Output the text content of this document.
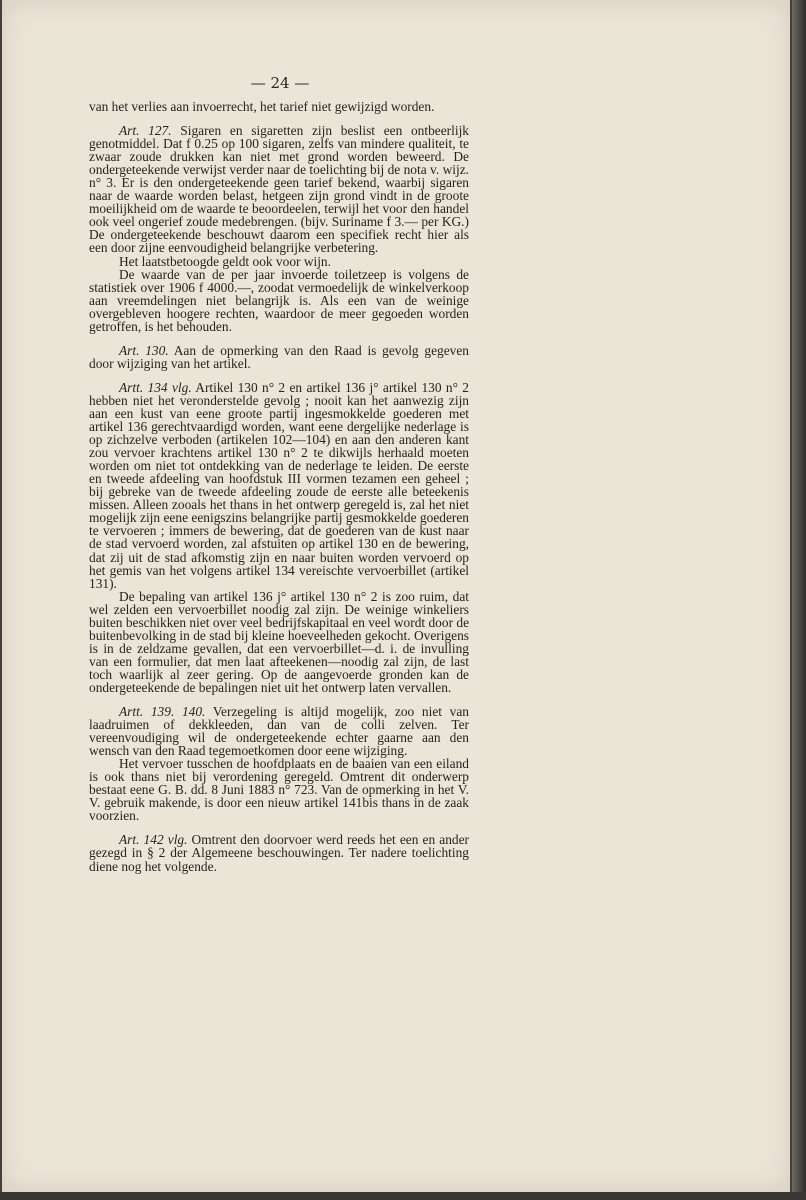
— 24 —

van het verlies aan invoerrecht, het tarief niet gewijzigd worden.

Art. 127. Sigaren en sigaretten zijn beslist een ontbeerlijk genotmiddel. Dat f 0.25 op 100 sigaren, zelfs van mindere qualiteit, te zwaar zoude drukken kan niet met grond worden beweerd. De ondergeteekende verwijst verder naar de toelichting bij de nota v. wijz. n° 3. Er is den ondergeteekende geen tarief bekend, waarbij sigaren naar de waarde worden belast, hetgeen zijn grond vindt in de groote moeilijkheid om de waarde te beoordeelen, terwijl het voor den handel ook veel ongerief zoude medebrengen. (bijv. Suriname f 3.— per KG.) De ondergeteekende beschouwt daarom een specifiek recht hier als een door zijne eenvoudigheid belangrijke verbetering.

Het laatstbetoogde geldt ook voor wijn.

De waarde van de per jaar invoerde toiletzeep is volgens de statistiek over 1906 f 4000.—, zoodat vermoedelijk de winkelverkoop aan vreemdelingen niet belangrijk is. Als een van de weinige overgebleven hoogere rechten, waardoor de meer gegoeden worden getroffen, is het behouden.

Art. 130. Aan de opmerking van den Raad is gevolg gegeven door wijziging van het artikel.

Artt. 134 vlg. Artikel 130 n° 2 en artikel 136 j° artikel 130 n° 2 hebben niet het veronderstelde gevolg ; nooit kan het aanwezig zijn aan een kust van eene groote partij ingesmokkelde goederen met artikel 136 gerechtvaardigd worden, want eene dergelijke nederlage is op zichzelve verboden (artikelen 102—104) en aan den anderen kant zou vervoer krachtens artikel 130 n° 2 te dikwijls herhaald moeten worden om niet tot ontdekking van de nederlage te leiden. De eerste en tweede afdeeling van hoofdstuk III vormen tezamen een geheel ; bij gebreke van de tweede afdeeling zoude de eerste alle beteekenis missen. Alleen zooals het thans in het ontwerp geregeld is, zal het niet mogelijk zijn eene eenigszins belangrijke partij gesmokkelde goederen te vervoeren ; immers de bewering, dat de goederen van de kust naar de stad vervoerd worden, zal afstuiten op artikel 130 en de bewering, dat zij uit de stad afkomstig zijn en naar buiten worden vervoerd op het gemis van het volgens artikel 134 vereischte vervoerbillet (artikel 131).

De bepaling van artikel 136 j° artikel 130 n° 2 is zoo ruim, dat wel zelden een vervoerbillet noodig zal zijn. De weinige winkeliers buiten beschikken niet over veel bedrijfskapitaal en veel wordt door de buitenbevolking in de stad bij kleine hoeveelheden gekocht. Overigens is in de zeldzame gevallen, dat een vervoerbillet—d. i. de invulling van een formulier, dat men laat afteekenen—noodig zal zijn, de last toch waarlijk al zeer gering. Op de aangevoerde gronden kan de ondergeteekende de bepalingen niet uit het ontwerp laten vervallen.

Artt. 139. 140. Verzegeling is altijd mogelijk, zoo niet van laadruimen of dekkleeden, dan van de colli zelven. Ter vereenvoudiging wil de ondergeteekende echter gaarne aan den wensch van den Raad tegemoetkomen door eene wijziging.

Het vervoer tusschen de hoofdplaats en de baaien van een eiland is ook thans niet bij verordening geregeld. Omtrent dit onderwerp bestaat eene G. B. dd. 8 Juni 1883 n° 723. Van de opmerking in het V. V. gebruik makende, is door een nieuw artikel 141bis thans in de zaak voorzien.

Art. 142 vlg. Omtrent den doorvoer werd reeds het een en ander gezegd in § 2 der Algemeene beschouwingen. Ter nadere toelichting diene nog het volgende.
